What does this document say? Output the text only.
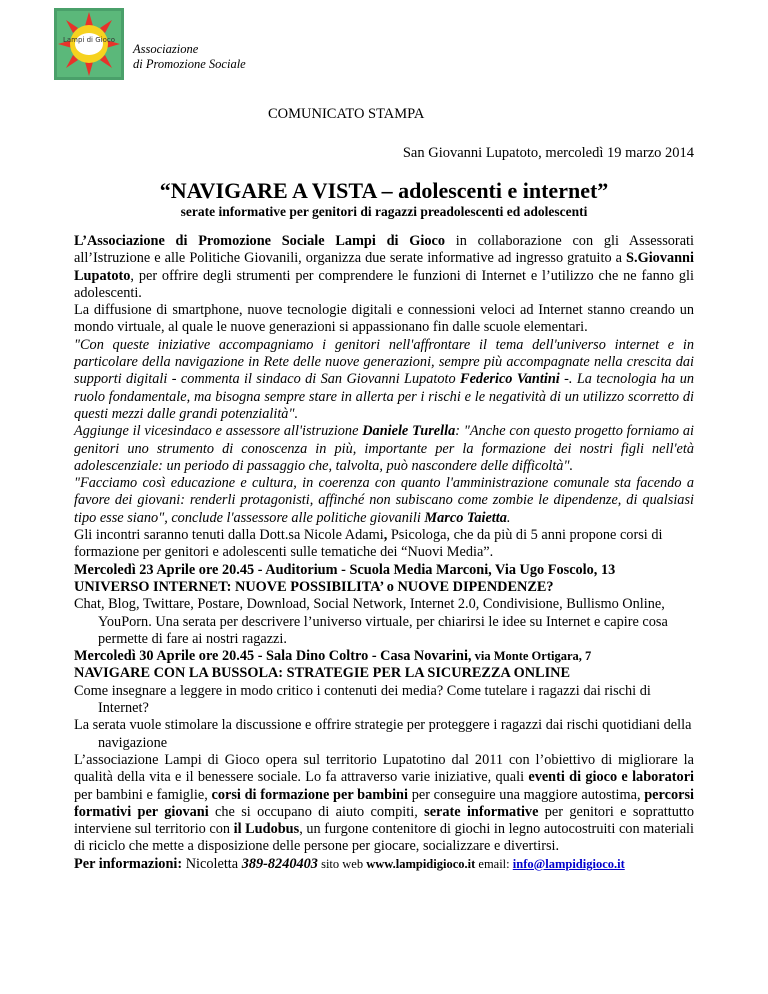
Lampi di Gioco
Associazione
di Promozione Sociale
COMUNICATO STAMPA
San Giovanni Lupatoto, mercoledì 19 marzo 2014
“NAVIGARE A VISTA – adolescenti e internet”
serate informative per genitori di ragazzi preadolescenti ed adolescenti

L’Associazione di Promozione Sociale Lampi di Gioco in collaborazione con gli Assessorati all’Istruzione e alle Politiche Giovanili, organizza due serate informative ad ingresso gratuito a S.Giovanni Lupatoto, per offrire degli strumenti per comprendere le funzioni di Internet e l’utilizzo che ne fanno gli adolescenti.

La diffusione di smartphone, nuove tecnologie digitali e connessioni veloci ad Internet stanno creando un mondo virtuale, al quale le nuove generazioni si appassionano fin dalle scuole elementari.

"Con queste iniziative accompagniamo i genitori nell'affrontare il tema dell'universo internet e in particolare della navigazione in Rete delle nuove generazioni, sempre più accompagnate nella crescita dai supporti digitali - commenta il sindaco di San Giovanni Lupatoto Federico Vantini -. La tecnologia ha un ruolo fondamentale, ma bisogna sempre stare in allerta per i rischi e le negatività di un utilizzo scorretto di questi mezzi dalle grandi potenzialità".

Aggiunge il vicesindaco e assessore all'istruzione Daniele Turella: "Anche con questo progetto forniamo ai genitori uno strumento di conoscenza in più, importante per la formazione dei nostri figli nell'età adolescenziale: un periodo di passaggio che, talvolta, può nascondere delle difficoltà".

"Facciamo così educazione e cultura, in coerenza con quanto l'amministrazione comunale sta facendo a favore dei giovani: renderli protagonisti, affinché non subiscano come zombie le dipendenze, di qualsiasi tipo esse siano", conclude l'assessore alle politiche giovanili Marco Taietta.

Gli incontri saranno tenuti dalla Dott.sa Nicole Adami, Psicologa, che da più di 5 anni propone corsi di formazione per genitori e adolescenti sulle tematiche dei “Nuovi Media”.

Mercoledì 23 Aprile ore 20.45 - Auditorium - Scuola Media Marconi, Via Ugo Foscolo, 13

UNIVERSO INTERNET: NUOVE POSSIBILITA’ o NUOVE DIPENDENZE?

Chat, Blog, Twittare, Postare, Download, Social Network, Internet 2.0, Condivisione, Bullismo Online, YouPorn. Una serata per descrivere l’universo virtuale, per chiarirsi le idee su Internet e capire cosa permette di fare ai nostri ragazzi.

Mercoledì 30 Aprile ore 20.45 - Sala Dino Coltro - Casa Novarini, via Monte Ortigara, 7

NAVIGARE CON LA BUSSOLA: STRATEGIE PER LA SICUREZZA ONLINE

Come insegnare a leggere in modo critico i contenuti dei media? Come tutelare i ragazzi dai rischi di Internet?

La serata vuole stimolare la discussione e offrire strategie per proteggere i ragazzi dai rischi quotidiani della navigazione

L’associazione Lampi di Gioco opera sul territorio Lupatotino dal 2011 con l’obiettivo di migliorare la qualità della vita e il benessere sociale. Lo fa attraverso varie iniziative, quali eventi di gioco e laboratori per bambini e famiglie, corsi di formazione per bambini per conseguire una maggiore autostima, percorsi formativi per giovani che si occupano di aiuto compiti, serate informative per genitori e soprattutto interviene sul territorio con il Ludobus, un furgone contenitore di giochi in legno autocostruiti con materiali di riciclo che mette a disposizione delle persone per giocare, socializzare e divertirsi.

Per informazioni: Nicoletta 389-8240403 sito web www.lampidigioco.it email: info@lampidigioco.it
